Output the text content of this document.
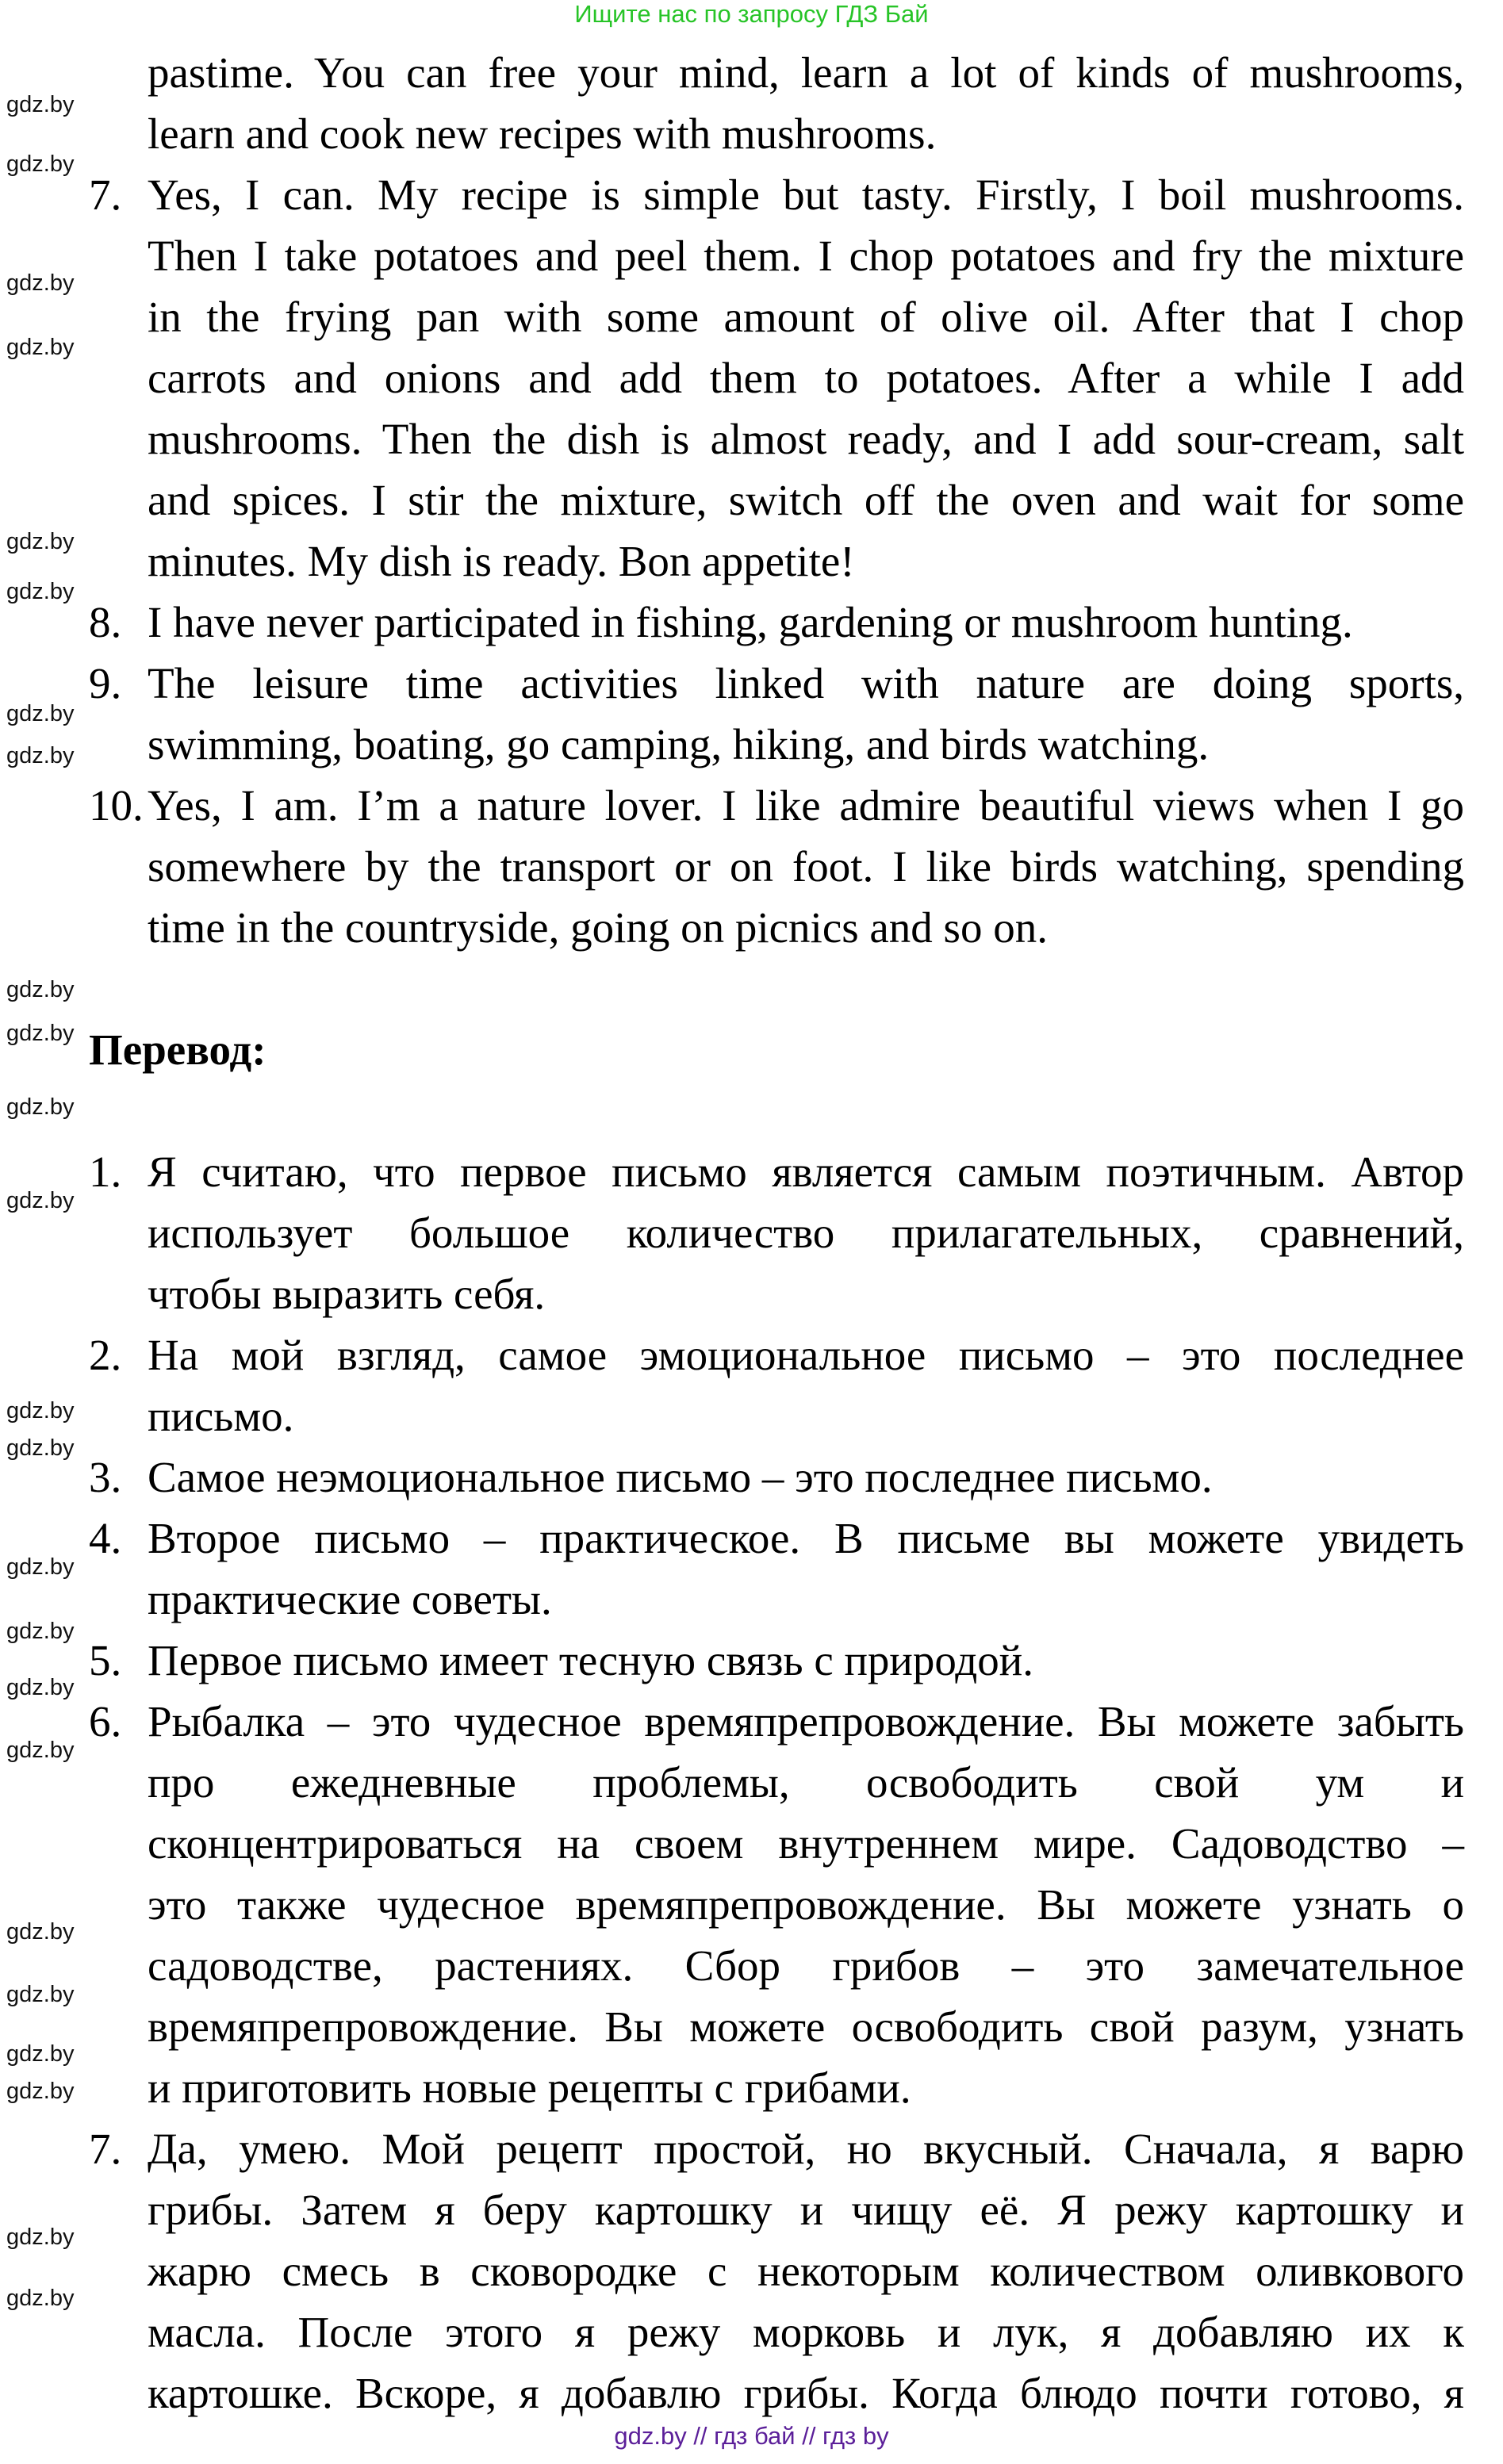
Ищите нас по запросу ГДЗ Бай
pastime. You can free your mind, learn a lot of kinds of mushrooms,
learn and cook new recipes with mushrooms.
7. Yes, I can. My recipe is simple but tasty. Firstly, I boil mushrooms.
Then I take potatoes and peel them. I chop potatoes and fry the mixture
in the frying pan with some amount of olive oil. After that I chop
carrots and onions and add them to potatoes. After a while I add
mushrooms. Then the dish is almost ready, and I add sour-cream, salt
and spices. I stir the mixture, switch off the oven and wait for some
minutes. My dish is ready. Bon appetite!
8. I have never participated in fishing, gardening or mushroom hunting.
9. The leisure time activities linked with nature are doing sports,
swimming, boating, go camping, hiking, and birds watching.
10. Yes, I am. I’m a nature lover. I like admire beautiful views when I go
somewhere by the transport or on foot. I like birds watching, spending
time in the countryside, going on picnics and so on.
Перевод:
1. Я считаю, что первое письмо является самым поэтичным. Автор
использует большое количество прилагательных, сравнений,
чтобы выразить себя.
2. На мой взгляд, самое эмоциональное письмо – это последнее
письмо.
3. Самое неэмоциональное письмо – это последнее письмо.
4. Второе письмо – практическое. В письме вы можете увидеть
практические советы.
5. Первое письмо имеет тесную связь с природой.
6. Рыбалка – это чудесное времяпрепровождение. Вы можете забыть
про ежедневные проблемы, освободить свой ум и
сконцентрироваться на своем внутреннем мире. Садоводство –
это также чудесное времяпрепровождение. Вы можете узнать о
садоводстве, растениях. Сбор грибов – это замечательное
времяпрепровождение. Вы можете освободить свой разум, узнать
и приготовить новые рецепты с грибами.
7. Да, умею. Мой рецепт простой, но вкусный. Сначала, я варю
грибы. Затем я беру картошку и чищу её. Я режу картошку и
жарю смесь в сковородке с некоторым количеством оливкового
масла. После этого я режу морковь и лук, я добавляю их к
картошке. Вскоре, я добавлю грибы. Когда блюдо почти готово, я
gdz.by
gdz.by
gdz.by
gdz.by
gdz.by
gdz.by
gdz.by
gdz.by
gdz.by
gdz.by
gdz.by
gdz.by
gdz.by
gdz.by
gdz.by
gdz.by
gdz.by
gdz.by
gdz.by
gdz.by
gdz.by
gdz.by
gdz.by
gdz.by
gdz.by // гдз бай // гдз by
